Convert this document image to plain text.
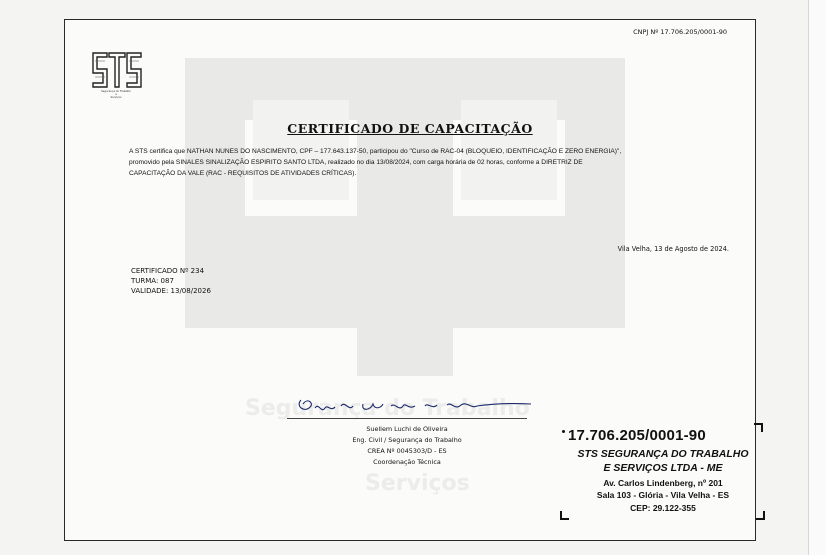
Segurança do Trabalho
Serviços
CNPJ Nº 17.706.205/0001-90
Segurança do Trabalho
e
Serviços
CERTIFICADO DE CAPACITAÇÃO

A STS certifica que NATHAN NUNES DO NASCIMENTO, CPF – 177.643.137-50, participou do "Curso de RAC-04 (BLOQUEIO, IDENTIFICAÇÃO E ZERO ENERGIA)",

promovido pela SINALES SINALIZAÇÃO ESPIRITO SANTO LTDA, realizado no dia 13/08/2024, com carga horária de 02 horas, conforme a DIRETRIZ DE

CAPACITAÇÃO DA VALE (RAC - REQUISITOS DE ATIVIDADES CRÍTICAS).

Vila Velha, 13 de Agosto de 2024.
CERTIFICADO Nº 234
TURMA: 087
VALIDADE: 13/08/2026
Suellem Luchi de Oliveira
Eng. Civil / Segurança do Trabalho
CREA Nº 0045303/D - ES
Coordenação Técnica
17.706.205/0001-90
STS SEGURANÇA DO TRABALHO
E SERVIÇOS LTDA - ME
Av. Carlos Lindenberg, nº 201
Sala 103 - Glória - Vila Velha - ES
CEP: 29.122-355
